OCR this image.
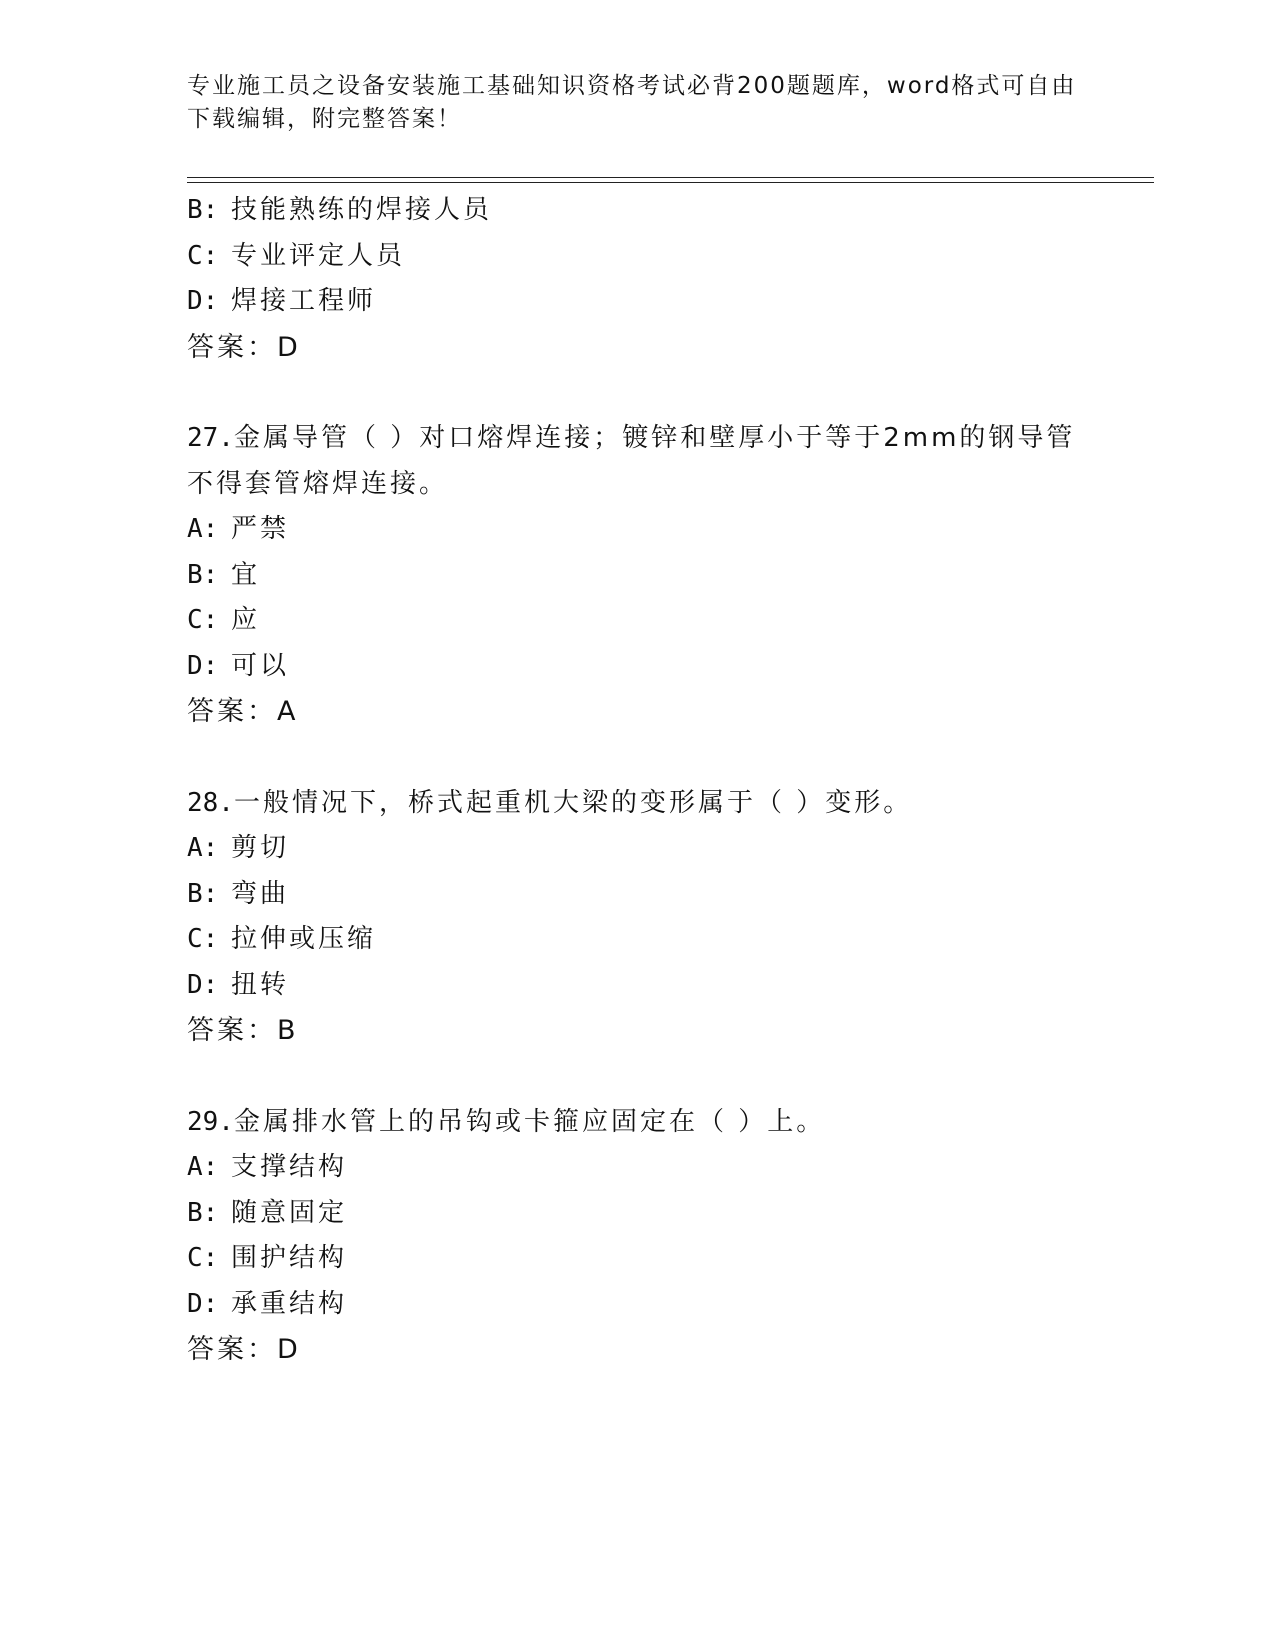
专业施工员之设备安装施工基础知识资格考试必背200题题库，word格式可自由下载编辑，附完整答案！
B: 技能熟练的焊接人员
C: 专业评定人员
D: 焊接工程师
答案：D
27.金属导管（ ）对口熔焊连接；镀锌和壁厚小于等于2mm的钢导管不得套管熔焊连接。
A: 严禁
B: 宜
C: 应
D: 可以
答案：A
28.一般情况下，桥式起重机大梁的变形属于（ ）变形。
A: 剪切
B: 弯曲
C: 拉伸或压缩
D: 扭转
答案：B
29.金属排水管上的吊钩或卡箍应固定在（ ）上。
A: 支撑结构
B: 随意固定
C: 围护结构
D: 承重结构
答案：D
